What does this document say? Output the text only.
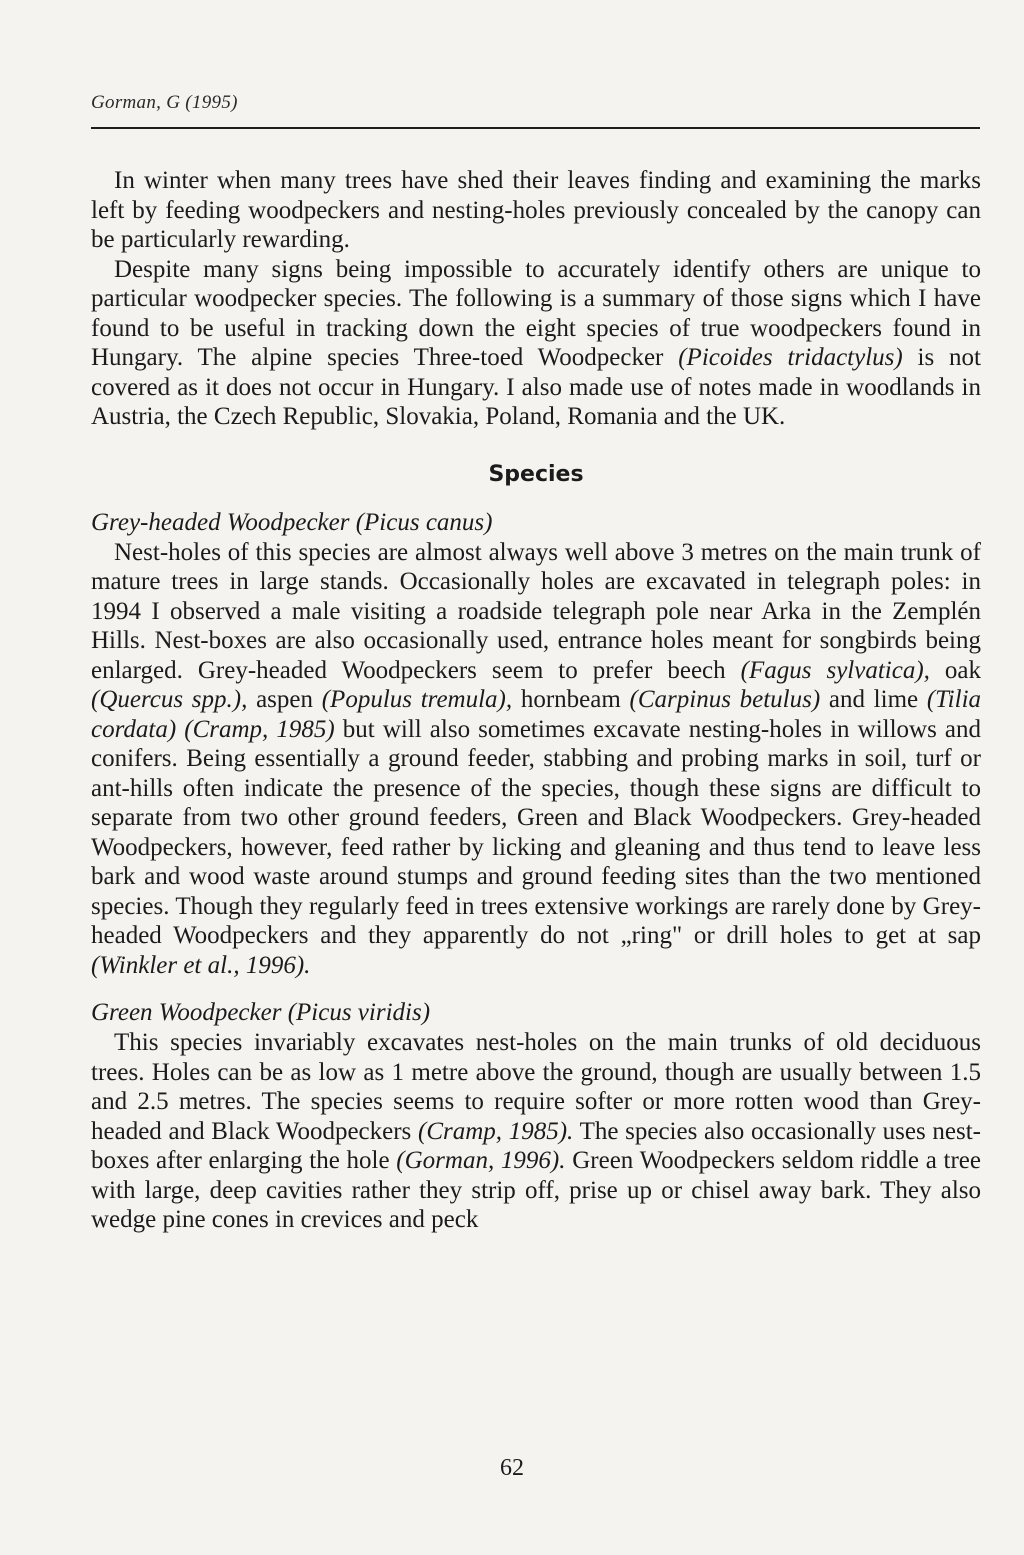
Gorman, G (1995)

In winter when many trees have shed their leaves finding and examining the marks left by feeding woodpeckers and nesting-holes previously concealed by the canopy can be particularly rewarding.

Despite many signs being impossible to accurately identify others are unique to particular woodpecker species. The following is a summary of those signs which I have found to be useful in tracking down the eight species of true woodpeckers found in Hungary. The alpine species Three-toed Woodpecker (Picoides tridactylus) is not covered as it does not occur in Hungary. I also made use of notes made in woodlands in Austria, the Czech Republic, Slovakia, Poland, Romania and the UK.

Species
Grey-headed Woodpecker (Picus canus)

Nest-holes of this species are almost always well above 3 metres on the main trunk of mature trees in large stands. Occasionally holes are excavated in telegraph poles: in 1994 I observed a male visiting a roadside telegraph pole near Arka in the Zemplén Hills. Nest-boxes are also occasionally used, entrance holes meant for songbirds being enlarged. Grey-headed Woodpeckers seem to prefer beech (Fagus sylvatica), oak (Quercus spp.), aspen (Populus tremula), hornbeam (Carpinus betulus) and lime (Tilia cordata) (Cramp, 1985) but will also sometimes excavate nesting-holes in willows and conifers. Being essentially a ground feeder, stabbing and probing marks in soil, turf or ant-hills often indicate the presence of the species, though these signs are difficult to separate from two other ground feeders, Green and Black Woodpeckers. Grey-headed Woodpeckers, however, feed rather by licking and gleaning and thus tend to leave less bark and wood waste around stumps and ground feeding sites than the two mentioned species. Though they regularly feed in trees extensive workings are rarely done by Grey-headed Woodpeckers and they apparently do not „ring" or drill holes to get at sap (Winkler et al., 1996).

Green Woodpecker (Picus viridis)

This species invariably excavates nest-holes on the main trunks of old deciduous trees. Holes can be as low as 1 metre above the ground, though are usually between 1.5 and 2.5 metres. The species seems to require softer or more rotten wood than Grey-headed and Black Woodpeckers (Cramp, 1985). The species also occasionally uses nest-boxes after enlarging the hole (Gorman, 1996). Green Woodpeckers seldom riddle a tree with large, deep cavities rather they strip off, prise up or chisel away bark. They also wedge pine cones in crevices and peck

62
